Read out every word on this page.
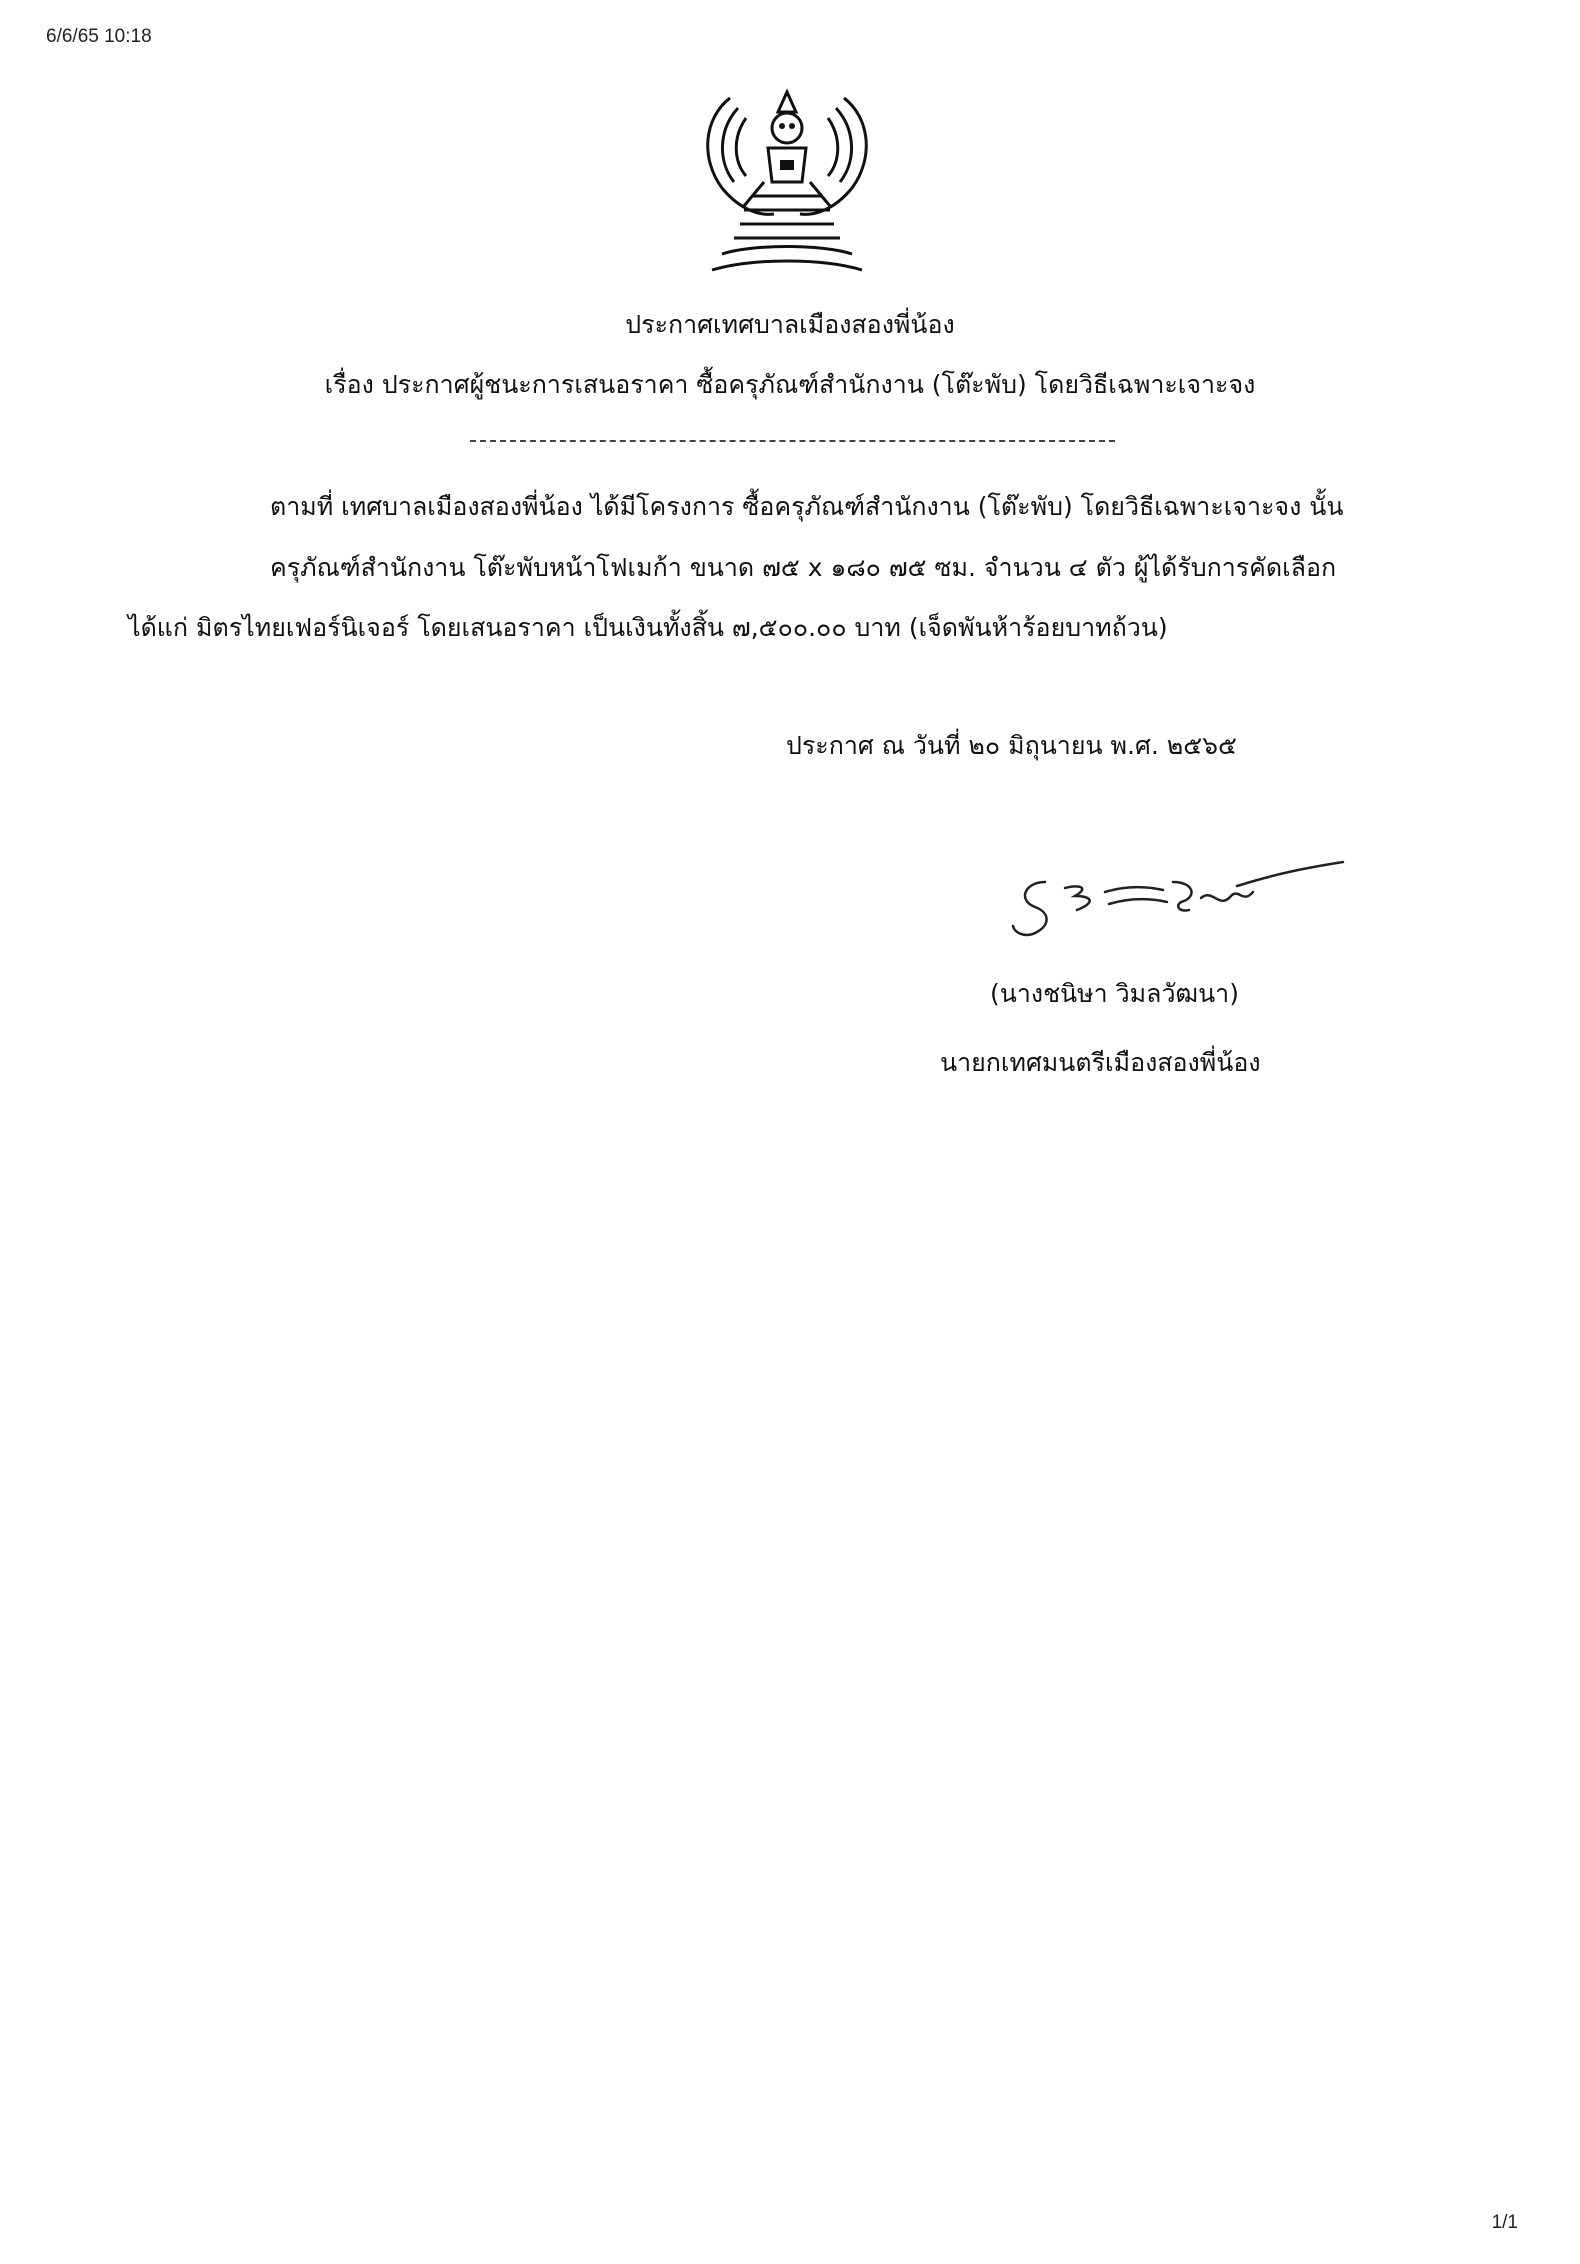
6/6/65 10:18
ประกาศเทศบาลเมืองสองพี่น้อง
เรื่อง ประกาศผู้ชนะการเสนอราคา ซื้อครุภัณฑ์สำนักงาน (โต๊ะพับ) โดยวิธีเฉพาะเจาะจง
ตามที่ เทศบาลเมืองสองพี่น้อง ได้มีโครงการ ซื้อครุภัณฑ์สำนักงาน (โต๊ะพับ) โดยวิธีเฉพาะเจาะจง นั้น
ครุภัณฑ์สำนักงาน โต๊ะพับหน้าโฟเมก้า ขนาด ๗๕ x ๑๘๐ ๗๕ ซม. จำนวน ๔ ตัว ผู้ได้รับการคัดเลือก
ได้แก่ มิตรไทยเฟอร์นิเจอร์ โดยเสนอราคา เป็นเงินทั้งสิ้น ๗,๕๐๐.๐๐ บาท (เจ็ดพันห้าร้อยบาทถ้วน)
ประกาศ ณ วันที่ ๒๐ มิถุนายน พ.ศ. ๒๕๖๕
(นางชนิษา วิมลวัฒนา)
นายกเทศมนตรีเมืองสองพี่น้อง
1/1
